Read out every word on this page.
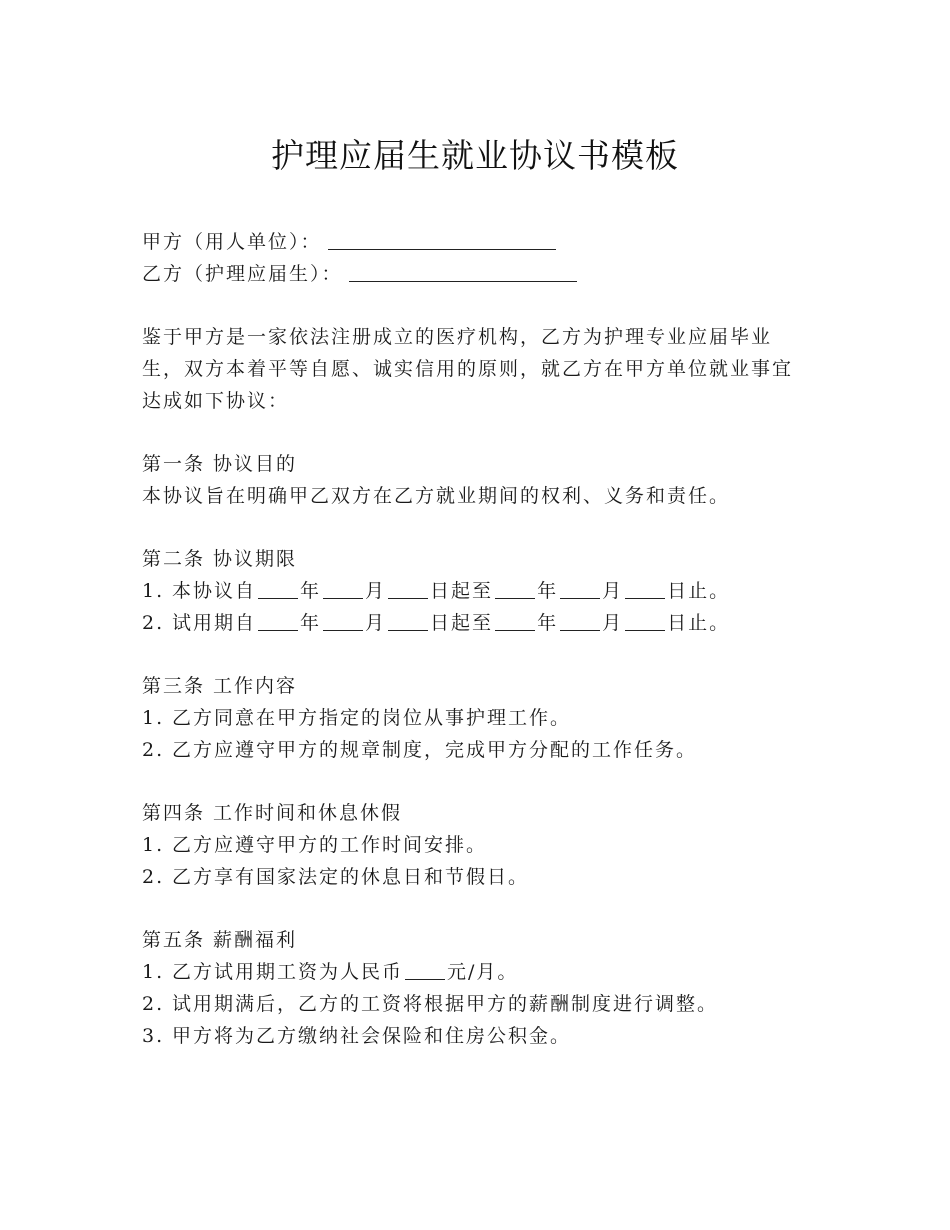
护理应届生就业协议书模板
甲方（用人单位）：
乙方（护理应届生）：
鉴于甲方是一家依法注册成立的医疗机构，乙方为护理专业应届毕业生，双方本着平等自愿、诚实信用的原则，就乙方在甲方单位就业事宜达成如下协议：
第一条 协议目的
本协议旨在明确甲乙双方在乙方就业期间的权利、义务和责任。
第二条 协议期限
1. 本协议自 年 月 日起至 年 月 日止。
2. 试用期自 年 月 日起至 年 月 日止。
第三条 工作内容
1. 乙方同意在甲方指定的岗位从事护理工作。
2. 乙方应遵守甲方的规章制度，完成甲方分配的工作任务。
第四条 工作时间和休息休假
1. 乙方应遵守甲方的工作时间安排。
2. 乙方享有国家法定的休息日和节假日。
第五条 薪酬福利
1. 乙方试用期工资为人民币 元/月。
2. 试用期满后，乙方的工资将根据甲方的薪酬制度进行调整。
3. 甲方将为乙方缴纳社会保险和住房公积金。
